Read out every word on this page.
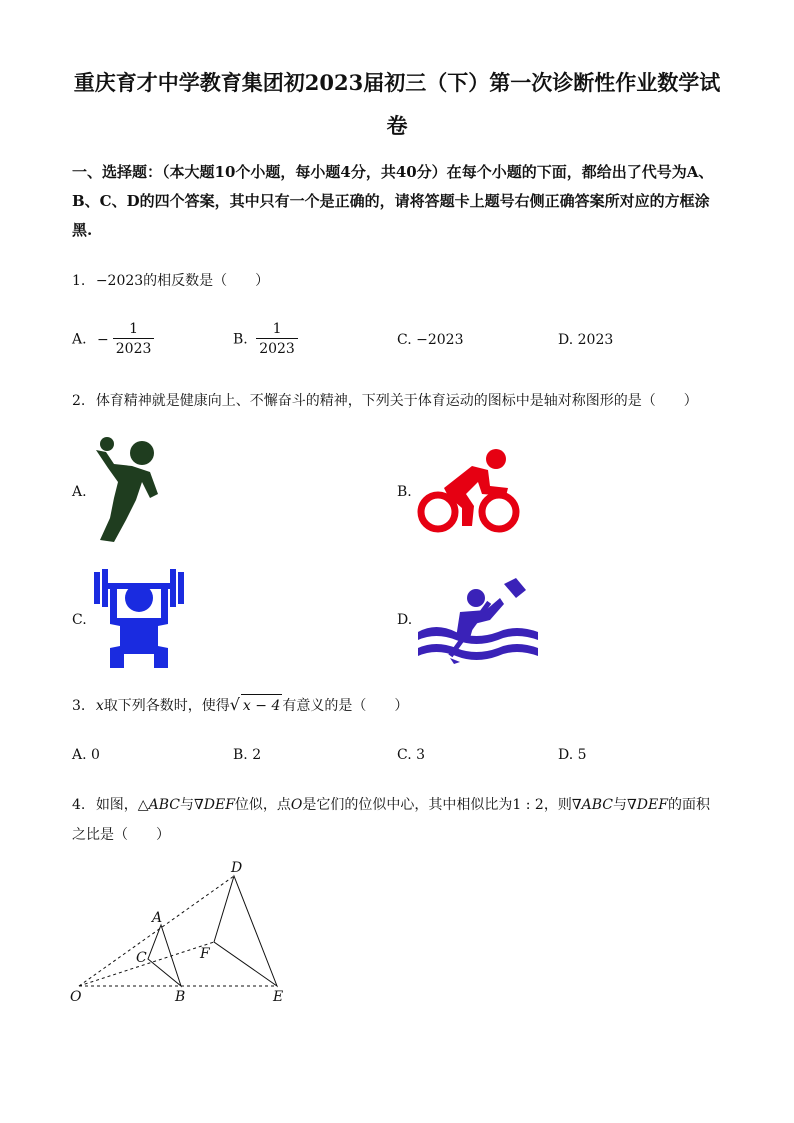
重庆育才中学教育集团初2023届初三（下）第一次诊断性作业数学试
卷
一、选择题：（本大题10个小题，每小题4分，共40分）在每个小题的下面，都给出了代号为A、B、C、D的四个答案，其中只有一个是正确的，请将答题卡上题号右侧正确答案所对应的方框涂黑.
1. −2023的相反数是（　　）
A. − $\frac{1}{2023}$	B. $\frac{1}{2023}$	C. −2023	D. 2023
2. 体育精神就是健康向上、不懈奋斗的精神，下列关于体育运动的图标中是轴对称图形的是（　　）
A.	B.
C.	D.
3. x取下列各数时，使得√ x − 4 有意义的是（　　）
A. 0	B. 2	C. 3	D. 5
4. 如图，△ABC与∇DEF位似，点O是它们的位似中心，其中相似比为1 : 2，则∇ABC与∇DEF的面积
之比是（　　）
D
A
C	F
O	B	E
